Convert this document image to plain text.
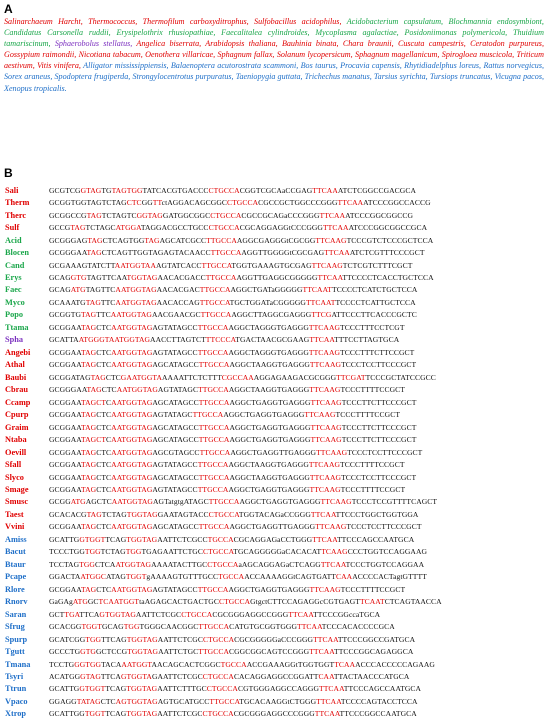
A
Salinarchaeum Harcht, Thermococcus, Thermofilum carboxyditrophus, Sulfobacillus acidophilus, Acidobacterium capsulatum, Blochmannia endosymbiont, Candidatus Carsonella ruddii, Erysipelothrix rhusiopathiae, Faecalitalea cylindroides, Mycoplasma agalactiae, Posidoniimonas polymericola, Thuidium tamariscinum, Sphaerobolus stellatus, Angelica biserrata, Arabidopsis thaliana, Bauhinia binata, Chara braunii, Cuscuta campestris, Ceratodon purpureus, Gossypium raimondii, Nicotiana tabacum, Oenothera villaricae, Sphagnum fallax, Solanum lycopersicum, Sphagnum magellanicum, Spirogloea muscicola, Triticum aestivum, Vitis vinifera, Alligator mississippiensis, Balaenoptera acutorostrata scammoni, Bos taurus, Procavia capensis, Rhytidiadelphus loreus, Rattus norvegicus, Sorex araneus, Spodoptera frugiperda, Strongylocentrotus purpuratus, Taeniopygia guttata, Trichechus manatus, Tarsius syrichta, Tursiops truncatus, Vicugna pacos, Xenopus tropicalis.
B
Sali	GCGTCGGTAGTGTAGTGGTATCACGTGACCCCTGCCACGGTCGCAaCCGAGTTCAAATCTCGGCCGACGCA
Therm	GCGGTGGTAGTCTAGCTCGGTTctAGGACAGCGGCCTGCCACGCCGCTGGCCCGGGTTCAAATCCCGGCCACCG
Therc	GCGGCCGTAGTCTAGTCGGTAGGATGGCGGCCTGCCACGCCGCAGaCCCGGGTTCAAATCCCGGCGGCCG
Sulf	GCCGTAGTCTAGCATGGATAGGACGCCTGCCCTGCCACGCAGGAGGtCCCGGGTTCAAATCCCGGCGGCCGCA
Acid	GCGGGAGTAGCTCAGTGGTAGAGCATCGCCTTGCCAAGGCGAGGGtCGCGGTTCAAGTCCCGTCTCCCGCTCCA
Blocen	GCGGGAATAGCTCAGTTGGTAGAGTACAACCTTGCCAAGGTTGGGGtCGCGAGTTCAAATCTCGTTTCCCGCT
Cand	GCGAAAGTATCTTAATGGTAAAGTATCACCTTGCCATGGTGAAAGTGCGAGTTCAAGTCTCGTCTTTCGCT
Erys	GCAGGTGTAGTTCAATGGTAGAACACGACCTTGCCAAGGTTGAGGCGGGGGTTCAATTCCCCTCACCTGCTCCA
Faec	GCAGATGTAGTTCAATGGTAGAACACGACTTGCCAAGGCTGATaGGGGGTTCAATTCCCCTCATCTGCTCCA
Myco	GCAAATGTAGTTCAATGGTAGAACACCAGTTGCCATGCTGGATaCGGGGGTTCAATTCCCCTCATTGCTCCA
Popo	GCGGTGTAGTTCAATGGTAGAACGAACGCTTGCCAAGGCTTAGGCGAGGGTTCGATTCCCTTCACCCGCTC
Ttama	GCGGAATAGCTCAATGGTAGAGTATAGCCTTGCCAAGGCTAGGGTGAGGGTTCAAGTCCCTTTCCTCGT
Spha	GCATTAATGGGTAATGGTAGAACCTTAGTCTTTCCCATGACTAACGCGAAGTTCAATTTCCTTAGTGCA
Angebi	GCGGAATAGCTCAATGGTAGAGTATAGCCTTGCCAAGGCTAGGGTGAGGGTTCAAGTCCCTTTCTTCCGCT
Athal	GCGGAATAGCTCAATGGTAGAGCATAGCCTTGCCAAGGCTAAGGTGAGGGTTCAAGTCCCTCCTTCCCGCT
Baubi	GCGGATAGTAGCTCGAATGGTAAAAATTCTCTTTCGCCAAAGGAGAAGACGCGGGTTCGATTCCCGCTATCCGCC
Cbrau	GCGGGAATAGCTCAATGGTAGAGTATAGCTTGCCAAGGCTAAGGTGAGGGTTCAAGTCCCTTTTCCGCT
Ccamp	GCGGAATAGCTCAATGGTAGAGCATAGCCTTGCCAAGGCTGAGGTGAGGGTTCAAGTCCCTTCTTCCCGCT
Cpurp	GCGGAATAGCTCAATGGTAGAGTATAGCTTGCCAAGGCTGAGGTGAGGGTTCAAGTCCCTTTTCCGCT
Graim	GCGGAATAGCTCAATGGTAGAGCATAGCCTTGCCAAGGCTGAGGTGAGGGTTCAAGTCCCTTCTTCCCGCT
Ntaba	GCGGAATAGCTCAATGGTAGAGCATAGCCTTGCCAAGGCTGAGGTGAGGGTTCAAGTCCCTTCTTCCCGCT
Oevill	GCGGAATAGCTCAATGGTAGAGCGTAGCCTTGCCAAGGCTGAGGTTGAGGGTTCAAGTCCCTCCTTCCCGCT
Sfall	GCGGAATAGCTCAATGGTAGAGTATAGCCTTGCCAAGGCTAAGGTGAGGGTTCAAGTCCCTTTTCCGCT
Slyco	GCGGAATAGCTCAATGGTAGAGCATAGCCTTGCCAAGGCTAAGGTGAGGGTTCAAGTCCCTCCTTCCCGCT
Smage	GCGGAATAGCTCAATGGTAGAGTATAGCCTTGCCAAGGCTGAGGTGAGGGTTCAAGTCCCTTTTCCGCT
Smusc	GCGGATGAGCTCAATGGTAGAGTatgtgATAGCTTGCCAAGGCTGAGGTGAGGGTTCAAGTCCCTCCGTTTTCAGCT
Taest	GCACACGTAGTCTAGTGGTAGGAATAGTACCCTGCCATGGTACAGaCCGGGTTCAATTCCCTGGCTGGTGGA
Vvini	GCGGAATAGCTCAATGGTAGAGCATAGCCTTGCCAAGGCTGAGGTTGAGGGTTCAAGTCCCTCCTTCCCGCT
Amiss	GCATTGGTGGTTCAGTGGTAGAATTCTCGCCTGCCACGCAGGAGaCCTGGGTTCAATTCCCAGCCAATGCA
Bacut	TCCCTGGTGGTCTAGTGGTGAGAATTCTGCCTGCCATGCAGGGGGaCACACATTCAAGCCCTGGTCCAGGAAG
Btaur	TCCTAGTGGCTCAATGGTAGAAAATACTTGCCTGCCAaAGCAGGAGaCTCAGGTTCAATCCCTGGTCCAGGAA
Pcape	GGACTAATGGCATAGTGGTgAAAAGTGTTTGCCTGCCAACCAAAAGGtCAGTGATTCAAACCCCACTagtGTTTT
Rlore	GCGGAATAGCTCAATGGTAGAGTATAGCCTTGCCAAGGCTGAGGTGAGGGTTCAAGTCCCTTTTCCGCT
Rnorv	GaGAgATGGCTCAATGGTtaAGAGCACTGACTGCCTGCCAGtgctCTTCCAGAGGcCGTGAGTTCAATCTCAGTAACCA
Saran	GCTTGATTCAGTGGTAGAATTCTCGCCTGCCACGCGGGAGGCCGGGTTCAATTCCCGGccaTGCA
Sfrug	GCACGGTGGTGCAGTGGTGGGCAACGGCTTGCCACATGTGCGGTGGGTTCAATCCCACACCCCGCA
Spurp	GCATCGGTGGTTCAGTGGTAGAATTCTCGCCTGCCACGCGGGGGaCCCGGGTTCAATTCCCGGCCGATGCA
Tgutt	GCCCTGGTGGCTCCGTGGTAGAATTCTGCTTGCCACGGCGGCAGTCCGGGTTCAATTCCCGGCAGAGGCA
Tmana	TCCTGGGTGGTACAAATGGTAACAGCACTCGGCTGCCAACCGAAAGGtTGGTGGTTCAAACCCACCCCCAGAAG
Tsyri	ACATGGGTAGTTCAGTGGTAGAATTCTCGCCTGCCACACAGGAGGCCGGATTCAATTACTAACCCATGCA
Ttrun	GCATTGGTGGTTCAGTGGTAGAATTCTTTGCCTGCCACGTGGGAGGCCAGGGTTCAATTCCCAGCCAATGCA
Vpaco	GGAGGTATAGCTCAGTGGTAGAGTGCATGCCTTGCCATGCACAAGGtCTGGGTTCAATCCCCAGTACCTCCA
Xtrop	GCATTGGTGGTTCAGTGGTAGAATTCTCGCCTGCCACGCGGGAGGCCCGGGTTCAATTCCCGGCCAATGCA
